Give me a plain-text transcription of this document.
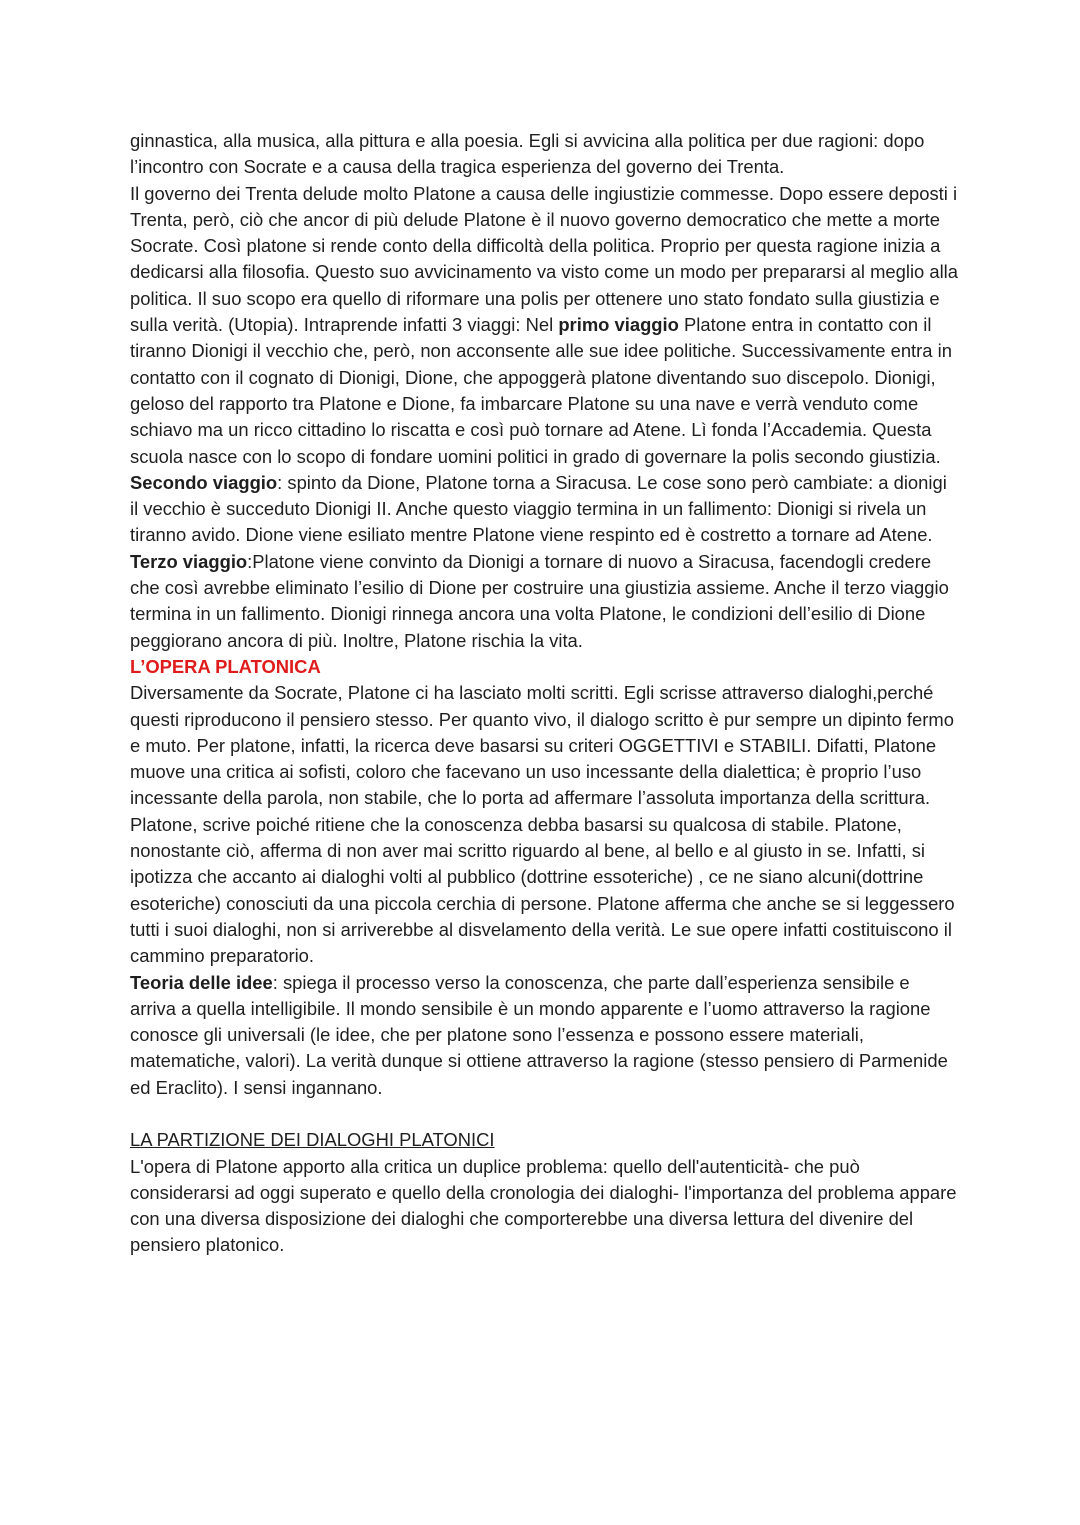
ginnastica, alla musica, alla pittura e alla poesia. Egli si avvicina alla politica per due ragioni: dopo l’incontro con Socrate e a causa della tragica esperienza del governo dei Trenta.

Il governo dei Trenta delude molto Platone a causa delle ingiustizie commesse. Dopo essere deposti i Trenta, però, ciò che ancor di più delude Platone è il nuovo governo democratico che mette a morte Socrate. Così platone si rende conto della difficoltà della politica. Proprio per questa ragione inizia a dedicarsi alla filosofia. Questo suo avvicinamento va visto come un modo per prepararsi al meglio alla politica. Il suo scopo era quello di riformare una polis per ottenere uno stato fondato sulla giustizia e sulla verità. (Utopia). Intraprende infatti 3 viaggi: Nel primo viaggio Platone entra in contatto con il tiranno Dionigi il vecchio che, però, non acconsente alle sue idee politiche. Successivamente entra in contatto con il cognato di Dionigi, Dione, che appoggerà platone diventando suo discepolo. Dionigi, geloso del rapporto tra Platone e Dione, fa imbarcare Platone su una nave e verrà venduto come schiavo ma un ricco cittadino lo riscatta e così può tornare ad Atene. Lì fonda l’Accademia. Questa scuola nasce con lo scopo di fondare uomini politici in grado di governare la polis secondo giustizia.

Secondo viaggio: spinto da Dione, Platone torna a Siracusa. Le cose sono però cambiate: a dionigi il vecchio è succeduto Dionigi II. Anche questo viaggio termina in un fallimento: Dionigi si rivela un tiranno avido. Dione viene esiliato mentre Platone viene respinto ed è costretto a tornare ad Atene.

Terzo viaggio:Platone viene convinto da Dionigi a tornare di nuovo a Siracusa, facendogli credere che così avrebbe eliminato l’esilio di Dione per costruire una giustizia assieme. Anche il terzo viaggio termina in un fallimento. Dionigi rinnega ancora una volta Platone, le condizioni dell’esilio di Dione peggiorano ancora di più. Inoltre, Platone rischia la vita.

L’OPERA PLATONICA

Diversamente da Socrate, Platone ci ha lasciato molti scritti. Egli scrisse attraverso dialoghi,perché questi riproducono il pensiero stesso. Per quanto vivo, il dialogo scritto è pur sempre un dipinto fermo e muto. Per platone, infatti, la ricerca deve basarsi su criteri OGGETTIVI e STABILI. Difatti, Platone muove una critica ai sofisti, coloro che facevano un uso incessante della dialettica; è proprio l’uso incessante della parola, non stabile, che lo porta ad affermare l’assoluta importanza della scrittura. Platone, scrive poiché ritiene che la conoscenza debba basarsi su qualcosa di stabile. Platone, nonostante ciò, afferma di non aver mai scritto riguardo al bene, al bello e al giusto in se. Infatti, si ipotizza che accanto ai dialoghi volti al pubblico (dottrine essoteriche) , ce ne siano alcuni(dottrine esoteriche) conosciuti da una piccola cerchia di persone. Platone afferma che anche se si leggessero tutti i suoi dialoghi, non si arriverebbe al disvelamento della verità. Le sue opere infatti costituiscono il cammino preparatorio.

Teoria delle idee: spiega il processo verso la conoscenza, che parte dall’esperienza sensibile e arriva a quella intelligibile. Il mondo sensibile è un mondo apparente e l’uomo attraverso la ragione conosce gli universali (le idee, che per platone sono l’essenza e possono essere materiali, matematiche, valori). La verità dunque si ottiene attraverso la ragione (stesso pensiero di Parmenide ed Eraclito). I sensi ingannano.

LA PARTIZIONE DEI DIALOGHI PLATONICI

L'opera di Platone apporto alla critica un duplice problema: quello dell'autenticità- che può considerarsi ad oggi superato e quello della cronologia dei dialoghi- l'importanza del problema appare con una diversa disposizione dei dialoghi che comporterebbe una diversa lettura del divenire del pensiero platonico.
